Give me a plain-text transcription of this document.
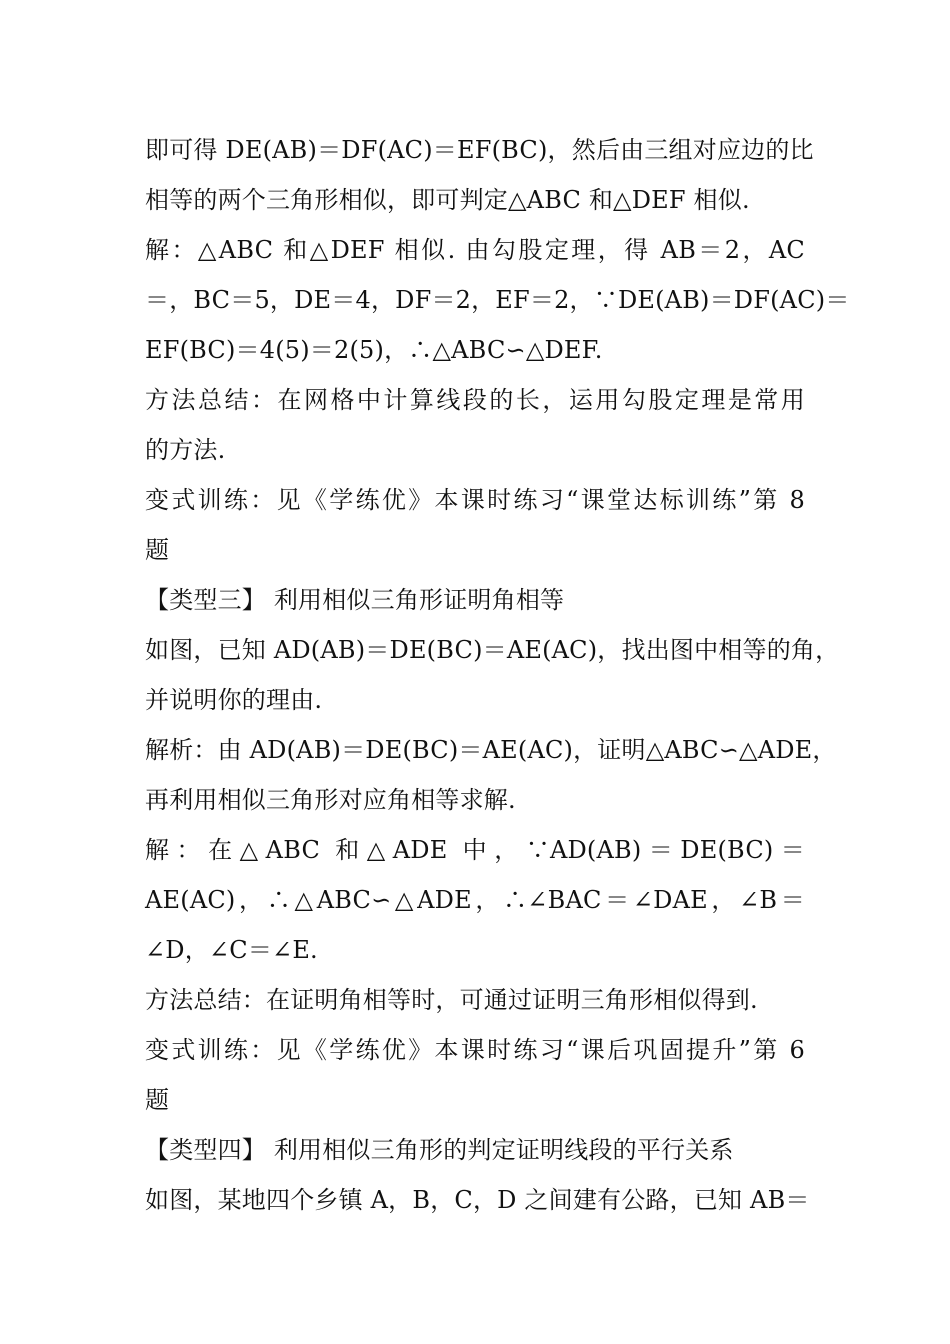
即可得 DE(AB)＝DF(AC)＝EF(BC)，然后由三组对应边的比
相等的两个三角形相似，即可判定△ABC 和△DEF 相似.
解：△ABC 和△DEF 相似. 由勾股定理，得 AB＝2，AC
＝，BC＝5，DE＝4，DF＝2，EF＝2，∵DE(AB)＝DF(AC)＝
EF(BC)＝4(5)＝2(5)，∴△ABC∽△DEF.
方法总结：在网格中计算线段的长，运用勾股定理是常用
的方法.
变式训练：见《学练优》本课时练习“课堂达标训练”第 8
题
【类型三】 利用相似三角形证明角相等
如图，已知 AD(AB)＝DE(BC)＝AE(AC)，找出图中相等的角，
并说明你的理由.
解析：由 AD(AB)＝DE(BC)＝AE(AC)，证明△ABC∽△ADE，
再利用相似三角形对应角相等求解.
解：在△ABC 和△ADE 中，∵AD(AB)＝DE(BC)＝
AE(AC)，∴△ABC∽△ADE，∴∠BAC＝∠DAE，∠B＝
∠D，∠C＝∠E.
方法总结：在证明角相等时，可通过证明三角形相似得到.
变式训练：见《学练优》本课时练习“课后巩固提升”第 6
题
【类型四】 利用相似三角形的判定证明线段的平行关系
如图，某地四个乡镇 A，B，C，D 之间建有公路，已知 AB＝
